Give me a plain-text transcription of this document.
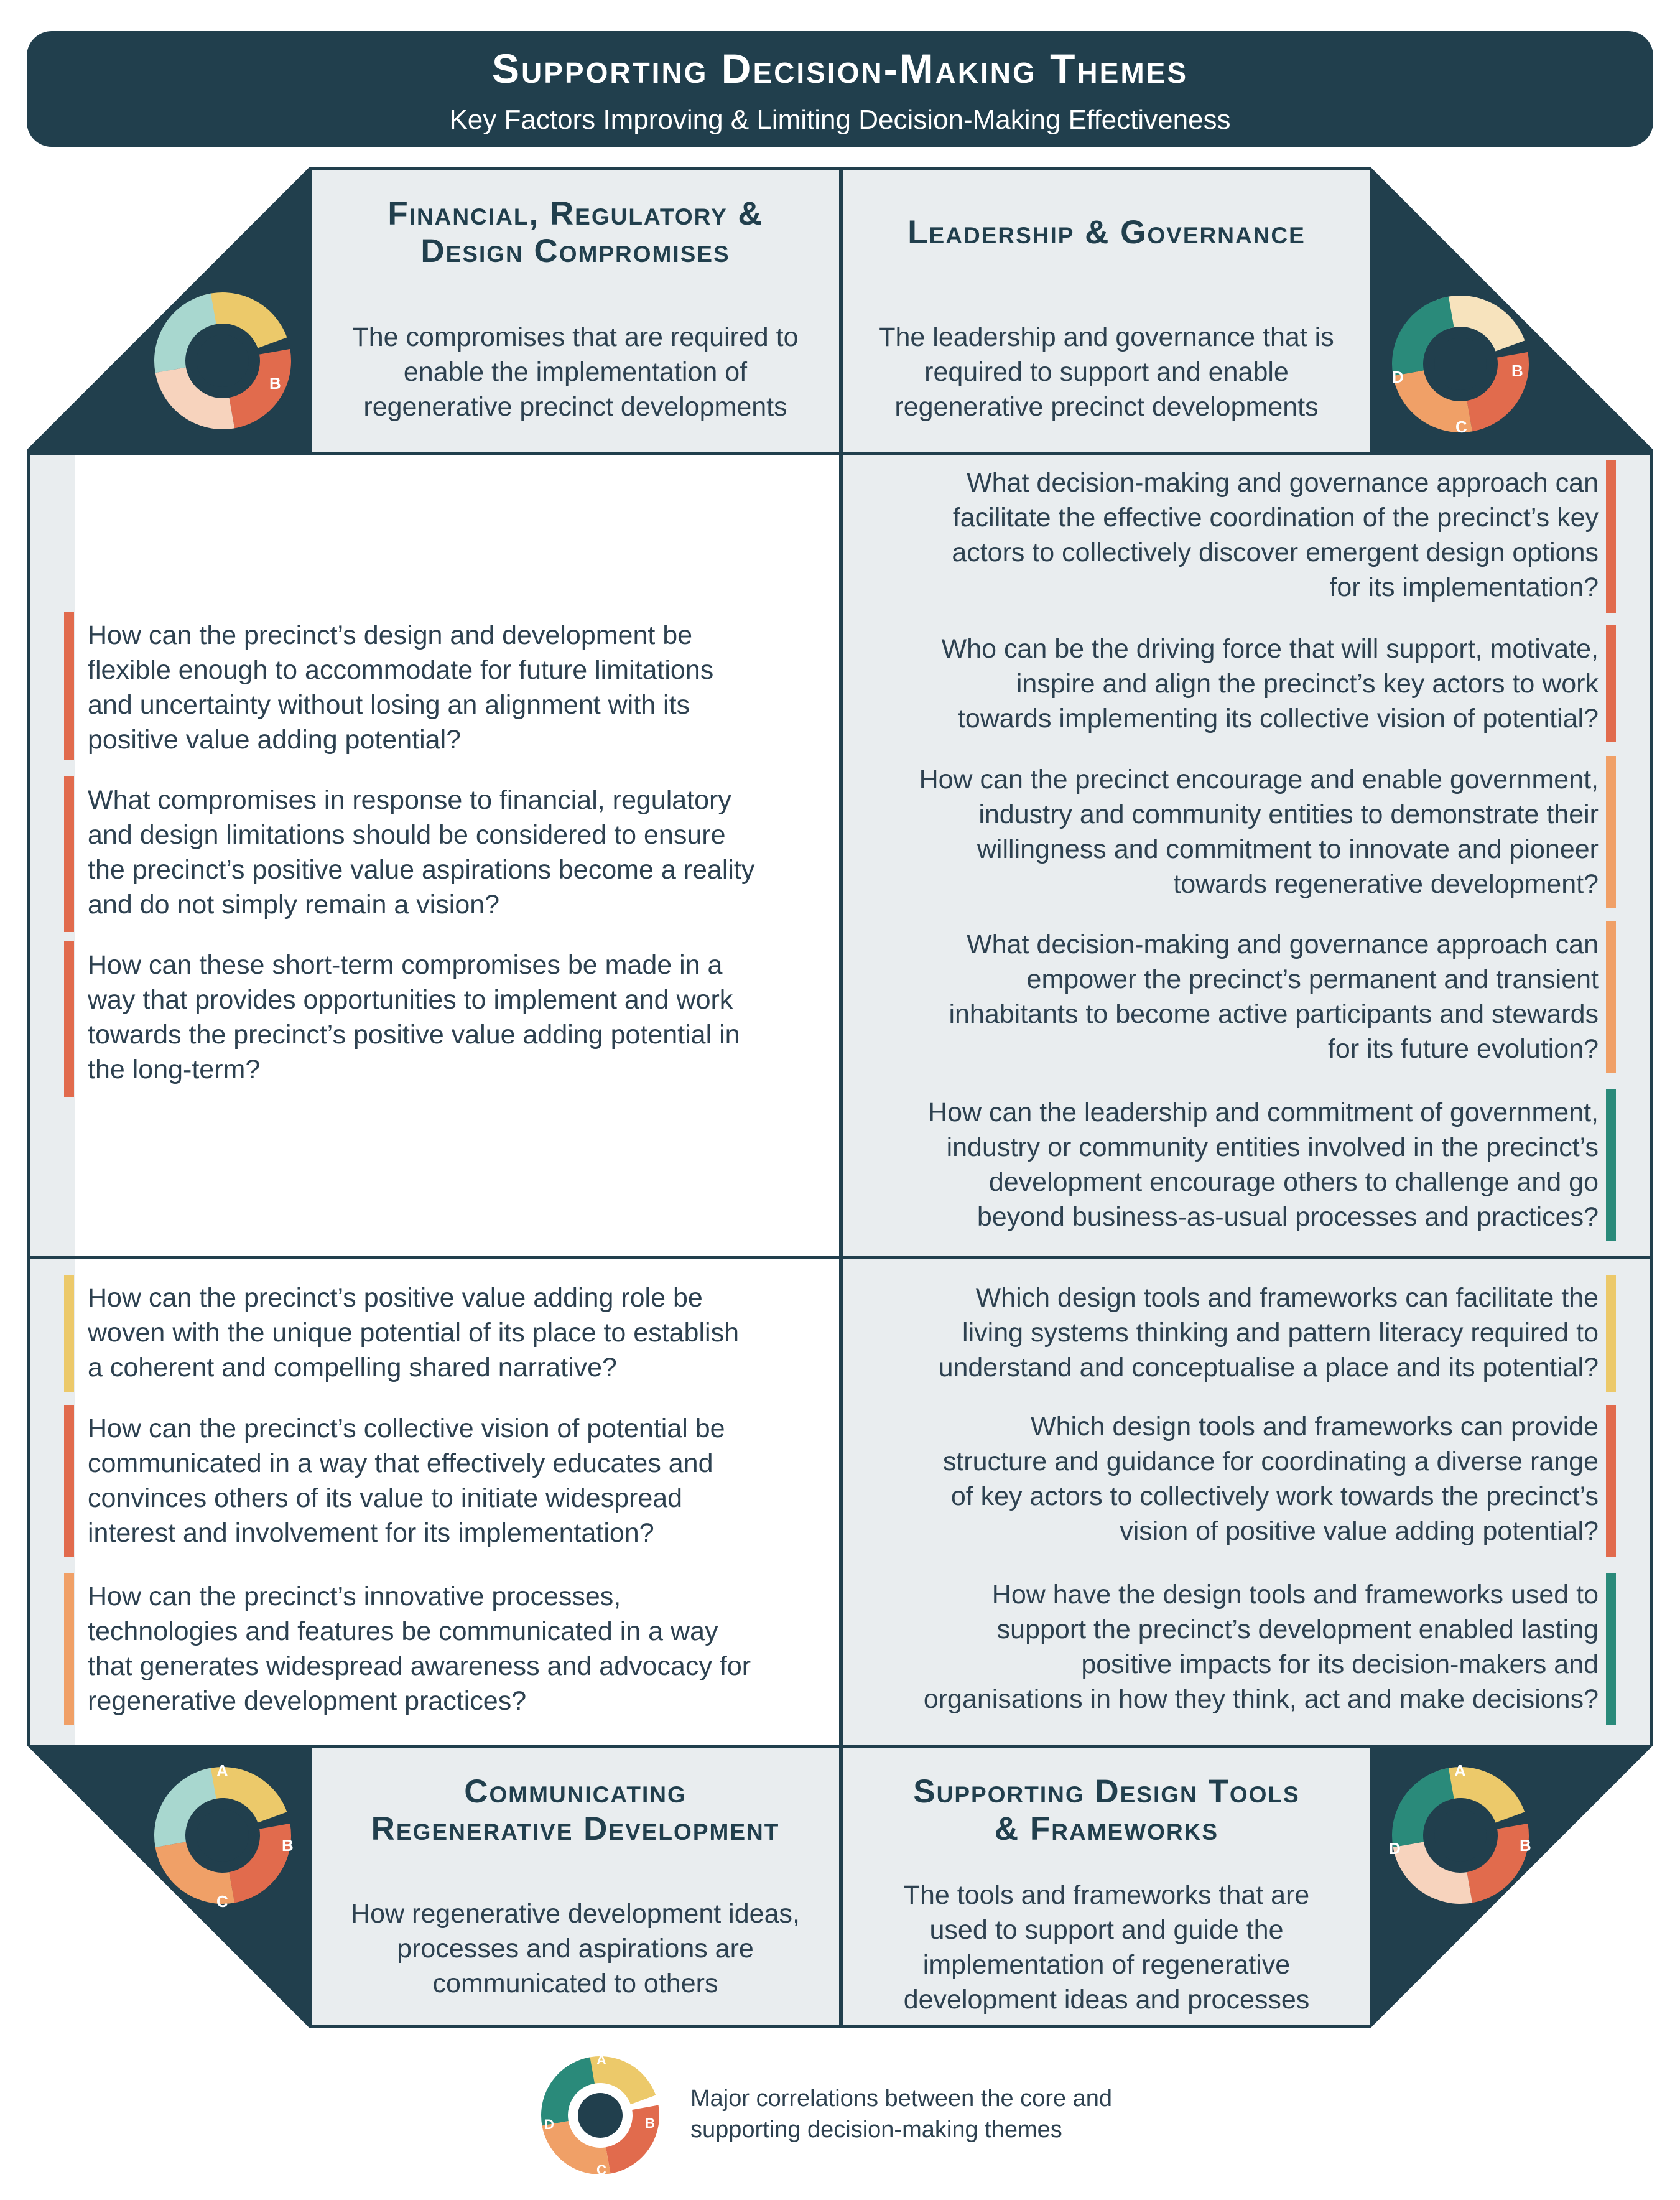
Supporting Decision-Making Themes
Key Factors Improving & Limiting Decision-Making Effectiveness
Financial, Regulatory &
Design Compromises
The compromises that are required to
enable the implementation of
regenerative precinct developments
Leadership & Governance
The leadership and governance that is
required to support and enable
regenerative precinct developments
Communicating
Regenerative Development
How regenerative development ideas,
processes and aspirations are
communicated to others
Supporting Design Tools
& Frameworks
The tools and frameworks that are
used to support and guide the
implementation of regenerative
development ideas and processes
How can the precinct’s design and development be
flexible enough to accommodate for future limitations
and uncertainty without losing an alignment with its
positive value adding potential?
What compromises in response to financial, regulatory
and design limitations should be considered to ensure
the precinct’s positive value aspirations become a reality
and do not simply remain a vision?
How can these short-term compromises be made in a
way that provides opportunities to implement and work
towards the precinct’s positive value adding potential in
the long-term?
What decision-making and governance approach can
facilitate the effective coordination of the precinct’s key
actors to collectively discover emergent design options
for its implementation?
Who can be the driving force that will support, motivate,
inspire and align the precinct’s key actors to work
towards implementing its collective vision of potential?
How can the precinct encourage and enable government,
industry and community entities to demonstrate their
willingness and commitment to innovate and pioneer
towards regenerative development?
What decision-making and governance approach can
empower the precinct’s permanent and transient
inhabitants to become active participants and stewards
for its future evolution?
How can the leadership and commitment of government,
industry or community entities involved in the precinct’s
development encourage others to challenge and go
beyond business-as-usual processes and practices?
How can the precinct’s positive value adding role be
woven with the unique potential of its place to establish
a coherent and compelling shared narrative?
How can the precinct’s collective vision of potential be
communicated in a way that effectively educates and
convinces others of its value to initiate widespread
interest and involvement for its implementation?
How can the precinct’s innovative processes,
technologies and features be communicated in a way
that generates widespread awareness and advocacy for
regenerative development practices?
Which design tools and frameworks can facilitate the
living systems thinking and pattern literacy required to
understand and conceptualise a place and its potential?
Which design tools and frameworks can provide
structure and guidance for coordinating a diverse range
of key actors to collectively work towards the precinct’s
vision of positive value adding potential?
How have the design tools and frameworks used to
support the precinct’s development enabled lasting
positive impacts for its decision-makers and
organisations in how they think, act and make decisions?
B
B
C
D
A
B
C
A
B
D
A
B
C
D
Major correlations between the core and
supporting decision-making themes
